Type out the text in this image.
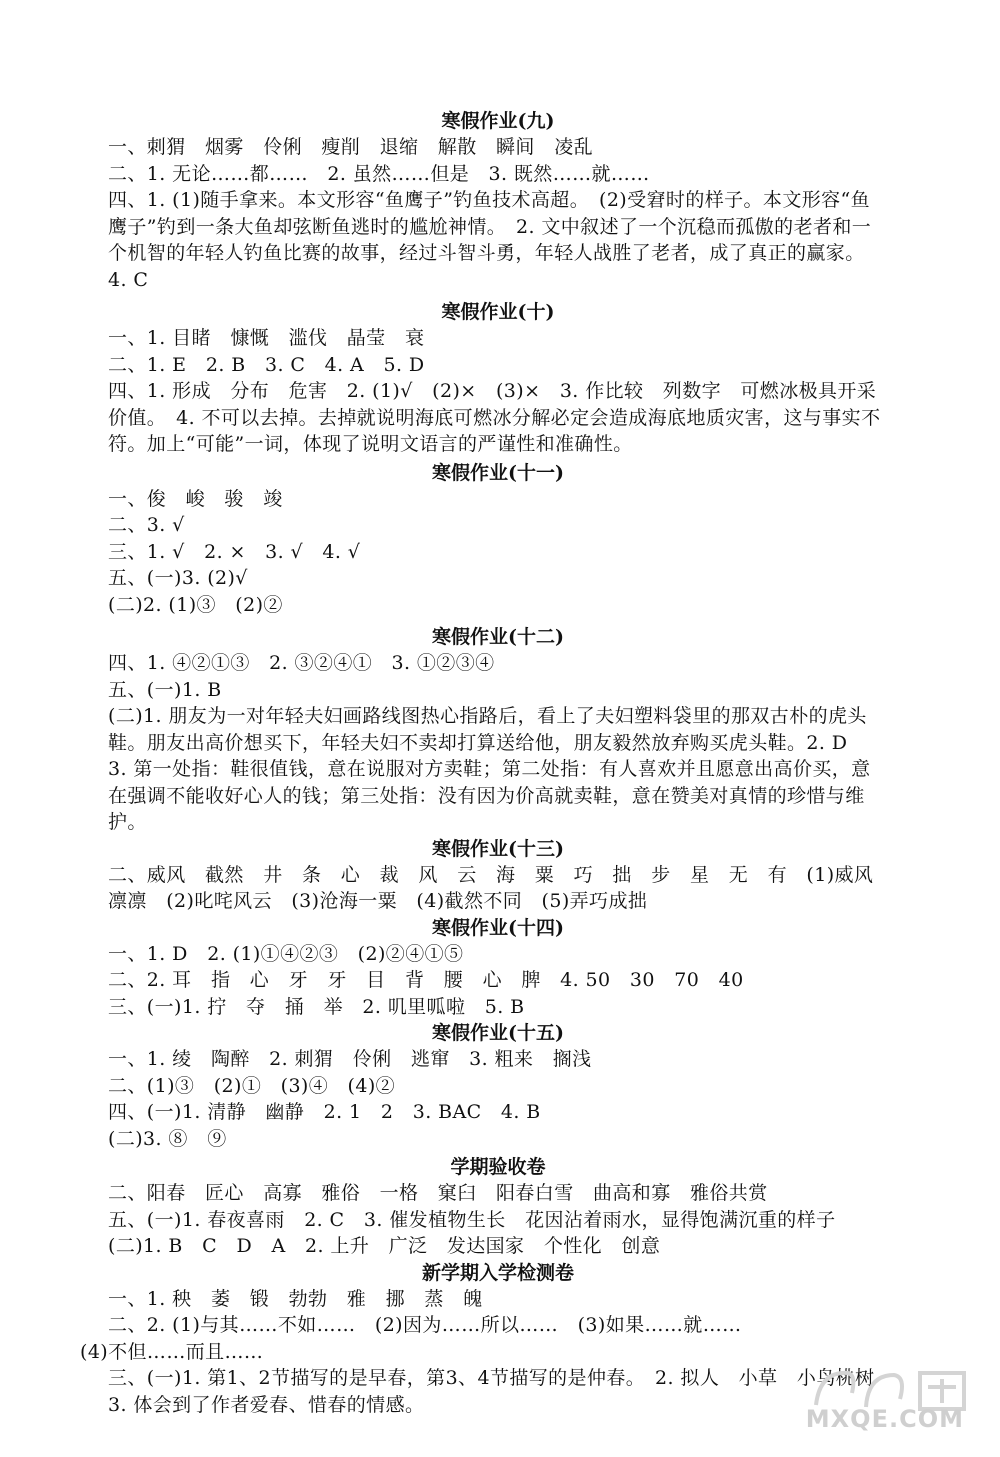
寒假作业(九)

一、刺猬　烟雾　伶俐　瘦削　退缩　解散　瞬间　凌乱

二、1. 无论……都……　2. 虽然……但是　3. 既然……就……

四、1. (1)随手拿来。本文形容“鱼鹰子”钓鱼技术高超。　(2)受窘时的样子。本文形容“鱼鹰子”钓到一条大鱼却弦断鱼逃时的尴尬神情。　2. 文中叙述了一个沉稳而孤傲的老者和一个机智的年轻人钓鱼比赛的故事，经过斗智斗勇，年轻人战胜了老者，成了真正的赢家。　4. C

寒假作业(十)

一、1. 目睹　慷慨　滥伐　晶莹　衰

二、1. E　2. B　3. C　4. A　5. D

四、1. 形成　分布　危害　2. (1)√　(2)×　(3)×　3. 作比较　列数字　可燃冰极具开采价值。　4. 不可以去掉。去掉就说明海底可燃冰分解必定会造成海底地质灾害，这与事实不符。加上“可能”一词，体现了说明文语言的严谨性和准确性。

寒假作业(十一)

一、俊　峻　骏　竣

二、3. √

三、1. √　2. ×　3. √　4. √

五、(一)3. (2)√

(二)2. (1)③　(2)②

寒假作业(十二)

四、1. ④②①③　2. ③②④①　3. ①②③④

五、(一)1. B

(二)1. 朋友为一对年轻夫妇画路线图热心指路后，看上了夫妇塑料袋里的那双古朴的虎头鞋。朋友出高价想买下，年轻夫妇不卖却打算送给他，朋友毅然放弃购买虎头鞋。2. D

3. 第一处指：鞋很值钱，意在说服对方卖鞋；第二处指：有人喜欢并且愿意出高价买，意在强调不能收好心人的钱；第三处指：没有因为价高就卖鞋，意在赞美对真情的珍惜与维护。

寒假作业(十三)

二、威风　截然　井　条　心　裁　风　云　海　粟　巧　拙　步　星　无　有　(1)威风凛凛　(2)叱咤风云　(3)沧海一粟　(4)截然不同　(5)弄巧成拙

寒假作业(十四)

一、1. D　2. (1)①④②③　(2)②④①⑤

二、2. 耳　指　心　牙　牙　目　背　腰　心　脾　4. 50　30　70　40

三、(一)1. 拧　夺　捅　举　2. 叽里呱啦　5. B

寒假作业(十五)

一、1. 绫　陶醉　2. 刺猬　伶俐　逃窜　3. 粗来　搁浅

二、(1)③　(2)①　(3)④　(4)②

四、(一)1. 清静　幽静　2. 1　2　3. BAC　4. B

(二)3. ⑧　⑨

学期验收卷

二、阳春　匠心　高寡　雅俗　一格　窠臼　阳春白雪　曲高和寡　雅俗共赏

五、(一)1. 春夜喜雨　2. C　3. 催发植物生长　花因沾着雨水，显得饱满沉重的样子

(二)1. B　C　D　A　2. 上升　广泛　发达国家　个性化　创意

新学期入学检测卷

一、1. 秧　萎　锻　勃勃　雅　挪　蒸　魄

二、2. (1)与其……不如……　(2)因为……所以……　(3)如果……就……

(4)不但……而且……

三、(一)1. 第1、2节描写的是早春，第3、4节描写的是仲春。　2. 拟人　小草　小鸟桃树　3. 体会到了作者爱春、惜春的情感。

MXQE.COM
